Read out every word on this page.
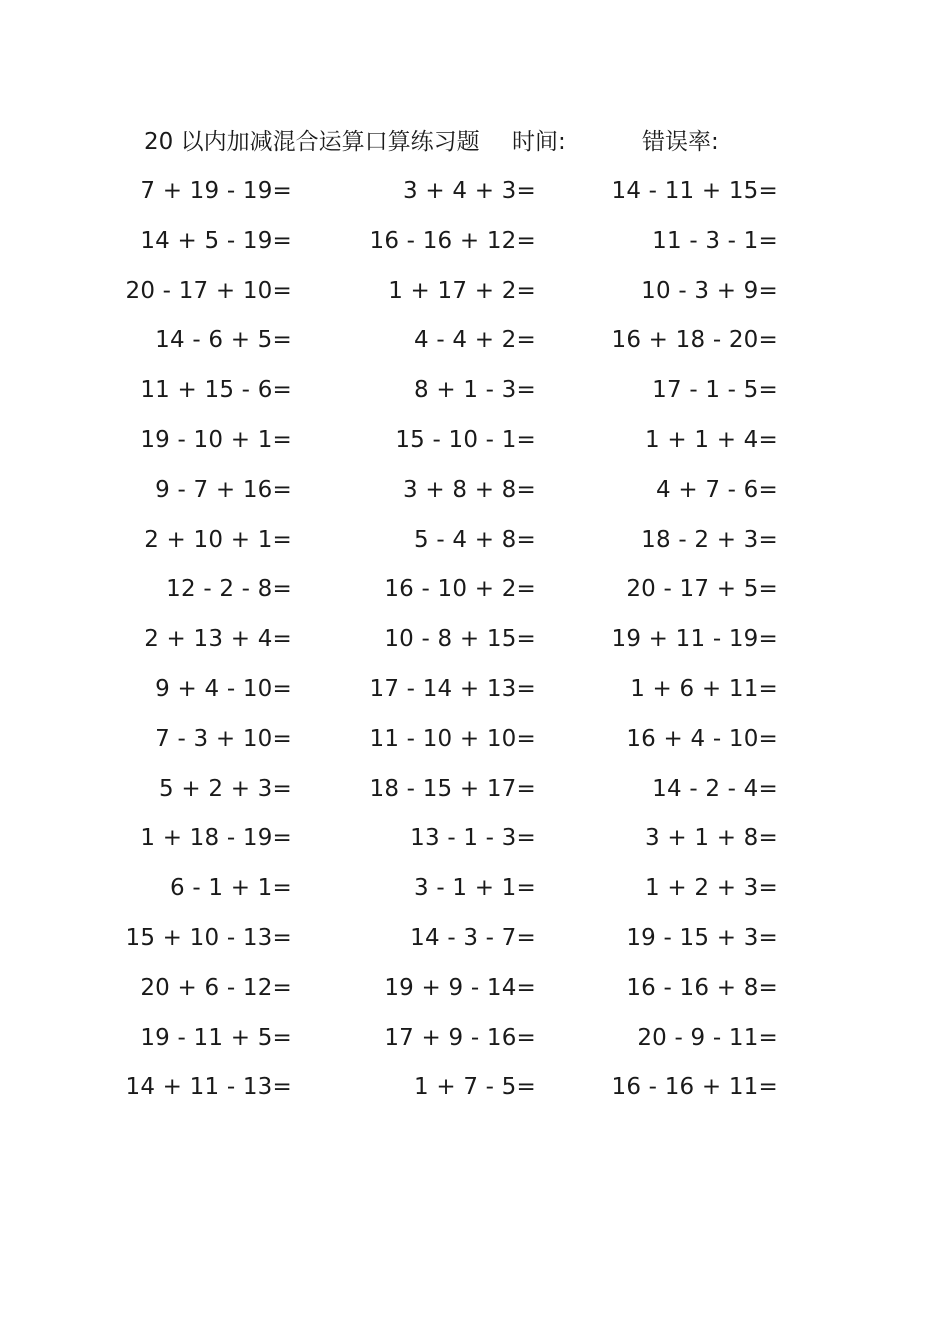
20 以内加减混合运算口算练习题 时间:	错误率:
7 + 19 - 19=	3 + 4 + 3=	14 - 11 + 15=
14 + 5 - 19=	16 - 16 + 12=	11 - 3 - 1=
20 - 17 + 10=	1 + 17 + 2=	10 - 3 + 9=
14 - 6 + 5=	4 - 4 + 2=	16 + 18 - 20=
11 + 15 - 6=	8 + 1 - 3=	17 - 1 - 5=
19 - 10 + 1=	15 - 10 - 1=	1 + 1 + 4=
9 - 7 + 16=	3 + 8 + 8=	4 + 7 - 6=
2 + 10 + 1=	5 - 4 + 8=	18 - 2 + 3=
12 - 2 - 8=	16 - 10 + 2=	20 - 17 + 5=
2 + 13 + 4=	10 - 8 + 15=	19 + 11 - 19=
9 + 4 - 10=	17 - 14 + 13=	1 + 6 + 11=
7 - 3 + 10=	11 - 10 + 10=	16 + 4 - 10=
5 + 2 + 3=	18 - 15 + 17=	14 - 2 - 4=
1 + 18 - 19=	13 - 1 - 3=	3 + 1 + 8=
6 - 1 + 1=	3 - 1 + 1=	1 + 2 + 3=
15 + 10 - 13=	14 - 3 - 7=	19 - 15 + 3=
20 + 6 - 12=	19 + 9 - 14=	16 - 16 + 8=
19 - 11 + 5=	17 + 9 - 16=	20 - 9 - 11=
14 + 11 - 13=	1 + 7 - 5=	16 - 16 + 11=
